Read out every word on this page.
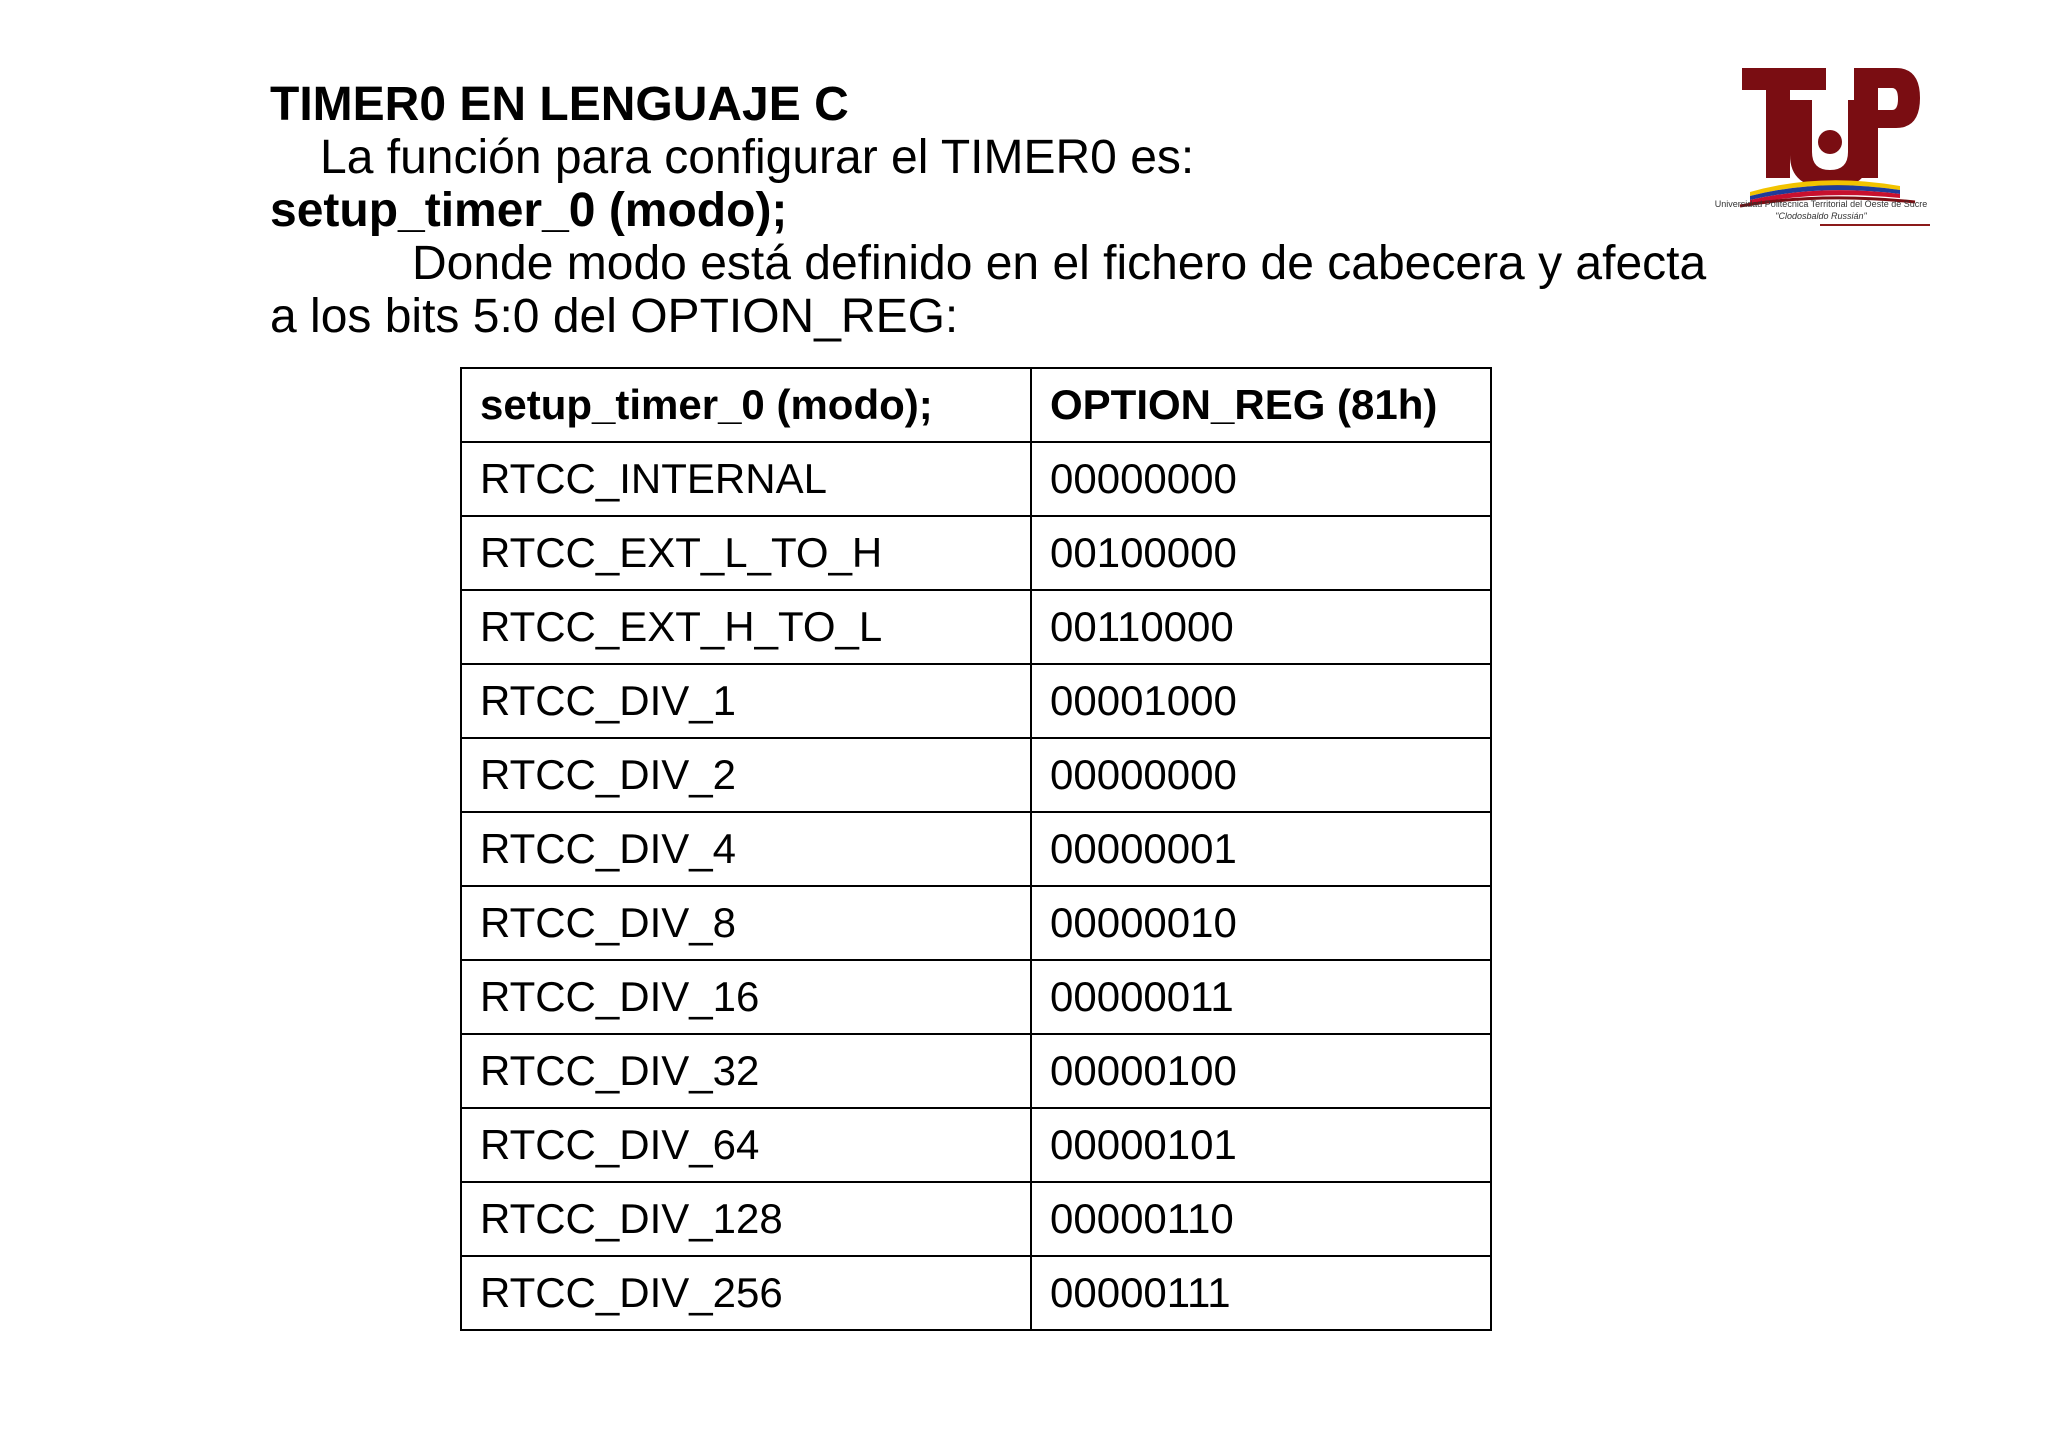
TIMER0 EN LENGUAJE C
La función para configurar el TIMER0 es:
setup_timer_0 (modo);
Donde modo está definido en el fichero de cabecera y afecta
a los bits 5:0 del OPTION_REG:
Universidad Politécnica Territorial del Oeste de Sucre
"Clodosbaldo Russián"
setup_timer_0 (modo);	OPTION_REG (81h)
RTCC_INTERNAL	00000000
RTCC_EXT_L_TO_H	00100000
RTCC_EXT_H_TO_L	00110000
RTCC_DIV_1	00001000
RTCC_DIV_2	00000000
RTCC_DIV_4	00000001
RTCC_DIV_8	00000010
RTCC_DIV_16	00000011
RTCC_DIV_32	00000100
RTCC_DIV_64	00000101
RTCC_DIV_128	00000110
RTCC_DIV_256	00000111
